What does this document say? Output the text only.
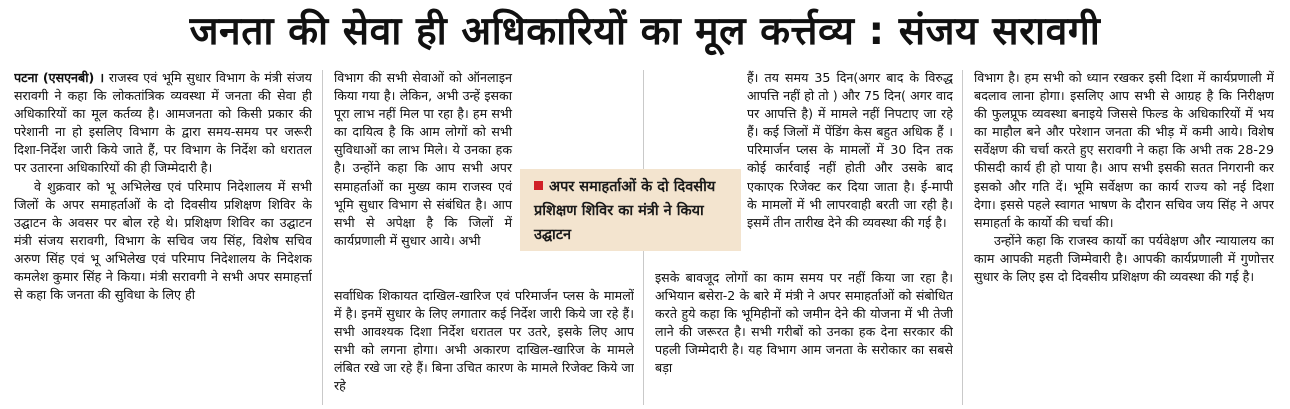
जनता की सेवा ही अधिकारियों का मूल कर्त्तव्य : संजय सरावगी

पटना (एसएनबी) । राजस्व एवं भूमि सुधार विभाग के मंत्री संजय सरावगी ने कहा कि लोकतांत्रिक व्यवस्था में जनता की सेवा ही अधिकारियों का मूल कर्तव्य है। आमजनता को किसी प्रकार की परेशानी ना हो इसलिए विभाग के द्वारा समय-समय पर जरूरी दिशा-निर्देश जारी किये जाते हैं, पर विभाग के निर्देश को धरातल पर उतारना अधिकारियों की ही जिम्मेदारी है।

वे शुक्रवार को भू अभिलेख एवं परिमाप निदेशालय में सभी जिलों के अपर समाहर्ताओं के दो दिवसीय प्रशिक्षण शिविर के उद्घाटन के अवसर पर बोल रहे थे। प्रशिक्षण शिविर का उद्घाटन मंत्री संजय सरावगी, विभाग के सचिव जय सिंह, विशेष सचिव अरुण सिंह एवं भू अभिलेख एवं परिमाप निदेशालय के निदेशक कमलेश कुमार सिंह ने किया। मंत्री सरावगी ने सभी अपर समाहर्त्ता से कहा कि जनता की सुविधा के लिए ही

विभाग की सभी सेवाओं को ऑनलाइन किया गया है। लेकिन, अभी उन्हें इसका पूरा लाभ नहीं मिल पा रहा है। हम सभी का दायित्व है कि आम लोगों को सभी सुविधाओं का लाभ मिले। ये उनका हक है। उन्होंने कहा कि आप सभी अपर समाहर्ताओं का मुख्य काम राजस्व एवं भूमि सुधार विभाग से संबंधित है। आप सभी से अपेक्षा है कि जिलों में कार्यप्रणाली में सुधार आये। अभी

सर्वाधिक शिकायत दाखिल-खारिज एवं परिमार्जन प्लस के मामलों में है। इनमें सुधार के लिए लगातार कई निर्देश जारी किये जा रहे हैं। सभी आवश्यक दिशा निर्देश धरातल पर उतरे, इसके लिए आप सभी को लगना होगा। अभी अकारण दाखिल-खारिज के मामले लंबित रखे जा रहे हैं। बिना उचित कारण के मामले रिजेक्ट किये जा रहे

हैं। तय समय 35 दिन(अगर बाद के विरुद्ध आपत्ति नहीं हो तो ) और 75 दिन( अगर वाद पर आपत्ति है) में मामले नहीं निपटाए जा रहे हैं। कई जिलों में पेंडिंग केस बहुत अधिक हैं । परिमार्जन प्लस के मामलों में 30 दिन तक कोई कार्रवाई नहीं होती और उसके बाद एकाएक रिजेक्ट कर दिया जाता है। ई-मापी के मामलों में भी लापरवाही बरती जा रही है। इसमें तीन तारीख देने की व्यवस्था की गई है।

इसके बावजूद लोगों का काम समय पर नहीं किया जा रहा है। अभियान बसेरा-2 के बारे में मंत्री ने अपर समाहर्ताओं को संबोधित करते हुये कहा कि भूमिहीनों को जमीन देने की योजना में भी तेजी लाने की जरूरत है। सभी गरीबों को उनका हक देना सरकार की पहली जिम्मेदारी है। यह विभाग आम जनता के सरोकार का सबसे बड़ा

विभाग है। हम सभी को ध्यान रखकर इसी दिशा में कार्यप्रणाली में बदलाव लाना होगा। इसलिए आप सभी से आग्रह है कि निरीक्षण की फुलप्रूफ व्यवस्था बनाइये जिससे फिल्ड के अधिकारियों में भय का माहौल बने और परेशान जनता की भीड़ में कमी आये। विशेष सर्वेक्षण की चर्चा करते हुए सरावगी ने कहा कि अभी तक 28-29 फीसदी कार्य ही हो पाया है। आप सभी इसकी सतत निगरानी कर इसको और गति दें। भूमि सर्वेक्षण का कार्य राज्य को नई दिशा देगा। इससे पहले स्वागत भाषण के दौरान सचिव जय सिंह ने अपर समाहर्ता के कार्यो की चर्चा की।

उन्होंने कहा कि राजस्व कार्यो का पर्यवेक्षण और न्यायालय का काम आपकी महती जिम्मेवारी है। आपकी कार्यप्रणाली में गुणोत्तर सुधार के लिए इस दो दिवसीय प्रशिक्षण की व्यवस्था की गई है।

अपर समाहर्ताओं के दो दिवसीय प्रशिक्षण शिविर का मंत्री ने किया उद्घाटन
